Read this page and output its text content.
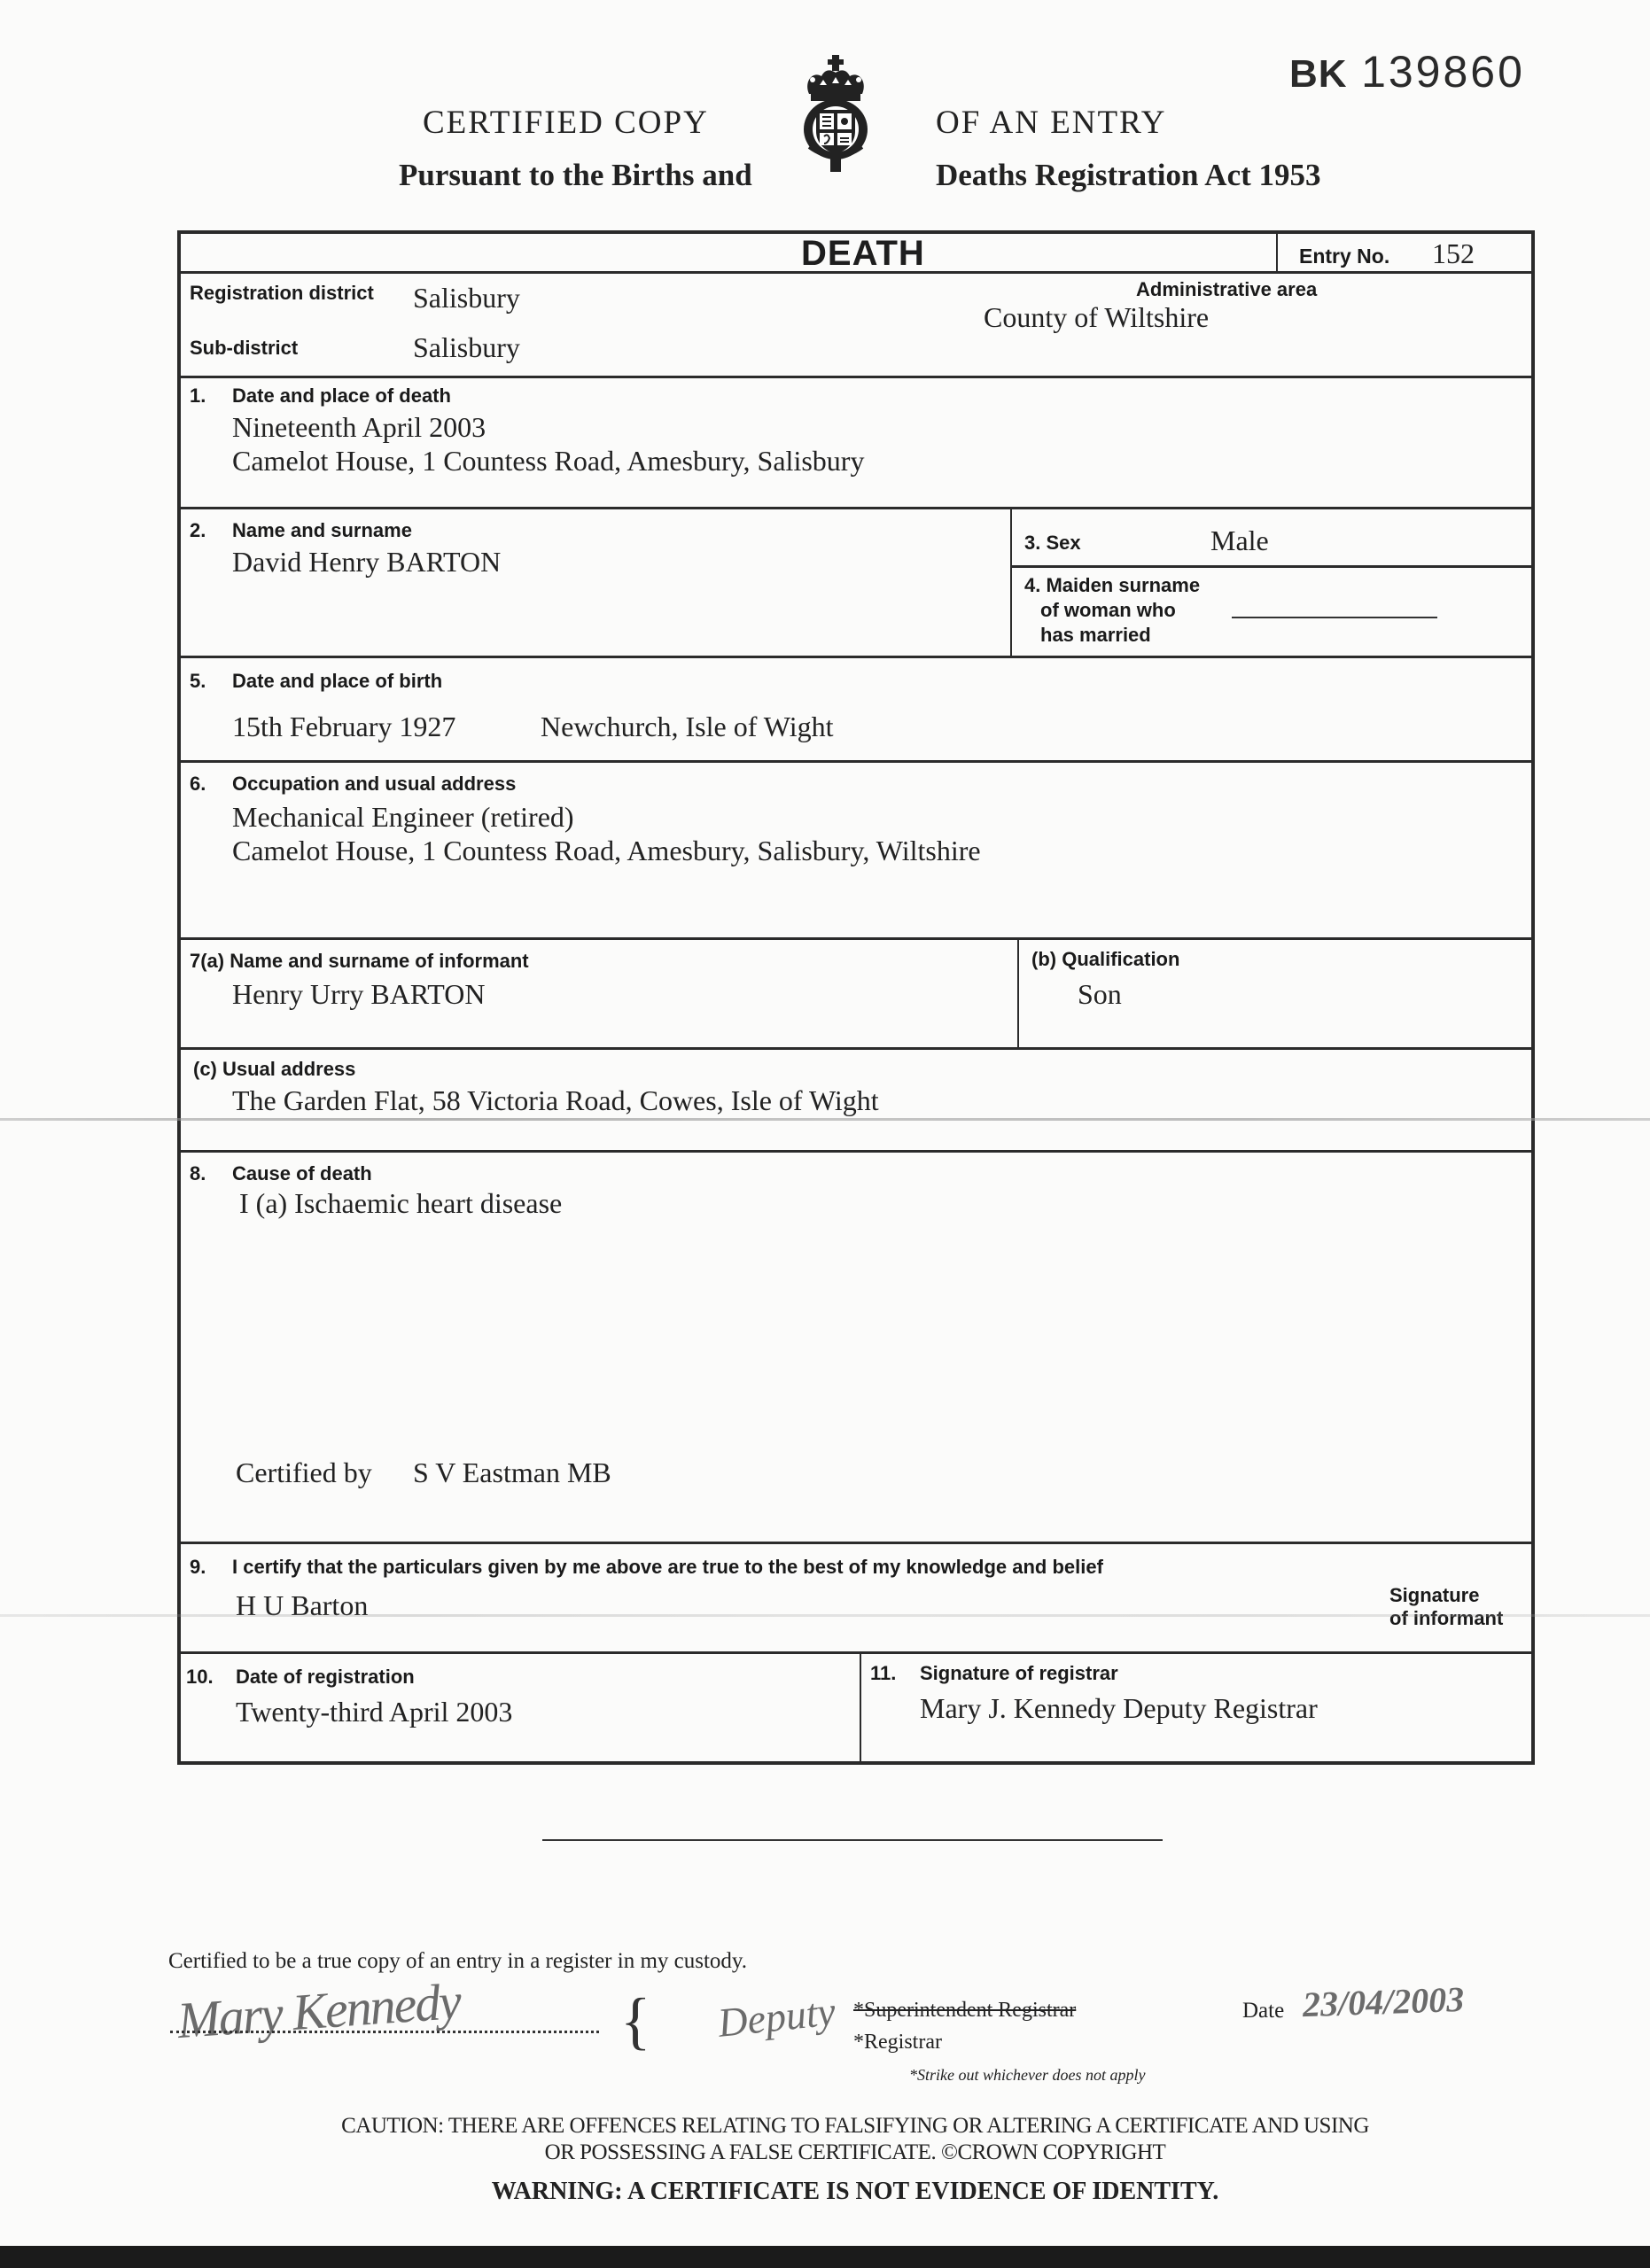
BK 139860
CERTIFIED COPY	OF AN ENTRY
Pursuant to the Births and	Deaths Registration Act 1953
DEATH	Entry No. 152
Registration district Salisbury	Administrative area
County of Wiltshire
Sub-district	Salisbury
1. Date and place of death
Nineteenth April 2003
Camelot House, 1 Countess Road, Amesbury, Salisbury
2. Name and surname
David Henry BARTON
3. Sex	Male
4. Maiden surname
of woman who
has married
5. Date and place of birth
15th February 1927	Newchurch, Isle of Wight
6. Occupation and usual address
Mechanical Engineer (retired)
Camelot House, 1 Countess Road, Amesbury, Salisbury, Wiltshire
7(a) Name and surname of informant
Henry Urry BARTON
(b) Qualification
Son
(c) Usual address
The Garden Flat, 58 Victoria Road, Cowes, Isle of Wight
8. Cause of death
I (a) Ischaemic heart disease
Certified by S V Eastman MB
9. I certify that the particulars given by me above are true to the best of my knowledge and belief
H U Barton	Signature
of informant
10. Date of registration
Twenty-third April 2003
11. Signature of registrar
Mary J. Kennedy Deputy Registrar
Certified to be a true copy of an entry in a register in my custody.
Mary Kennedy { Deputy *Superintendent Registrar
*Registrar
*Strike out whichever does not apply
Date 23/04/2003
CAUTION: THERE ARE OFFENCES RELATING TO FALSIFYING OR ALTERING A CERTIFICATE AND USING
OR POSSESSING A FALSE CERTIFICATE. ©CROWN COPYRIGHT
WARNING: A CERTIFICATE IS NOT EVIDENCE OF IDENTITY.
